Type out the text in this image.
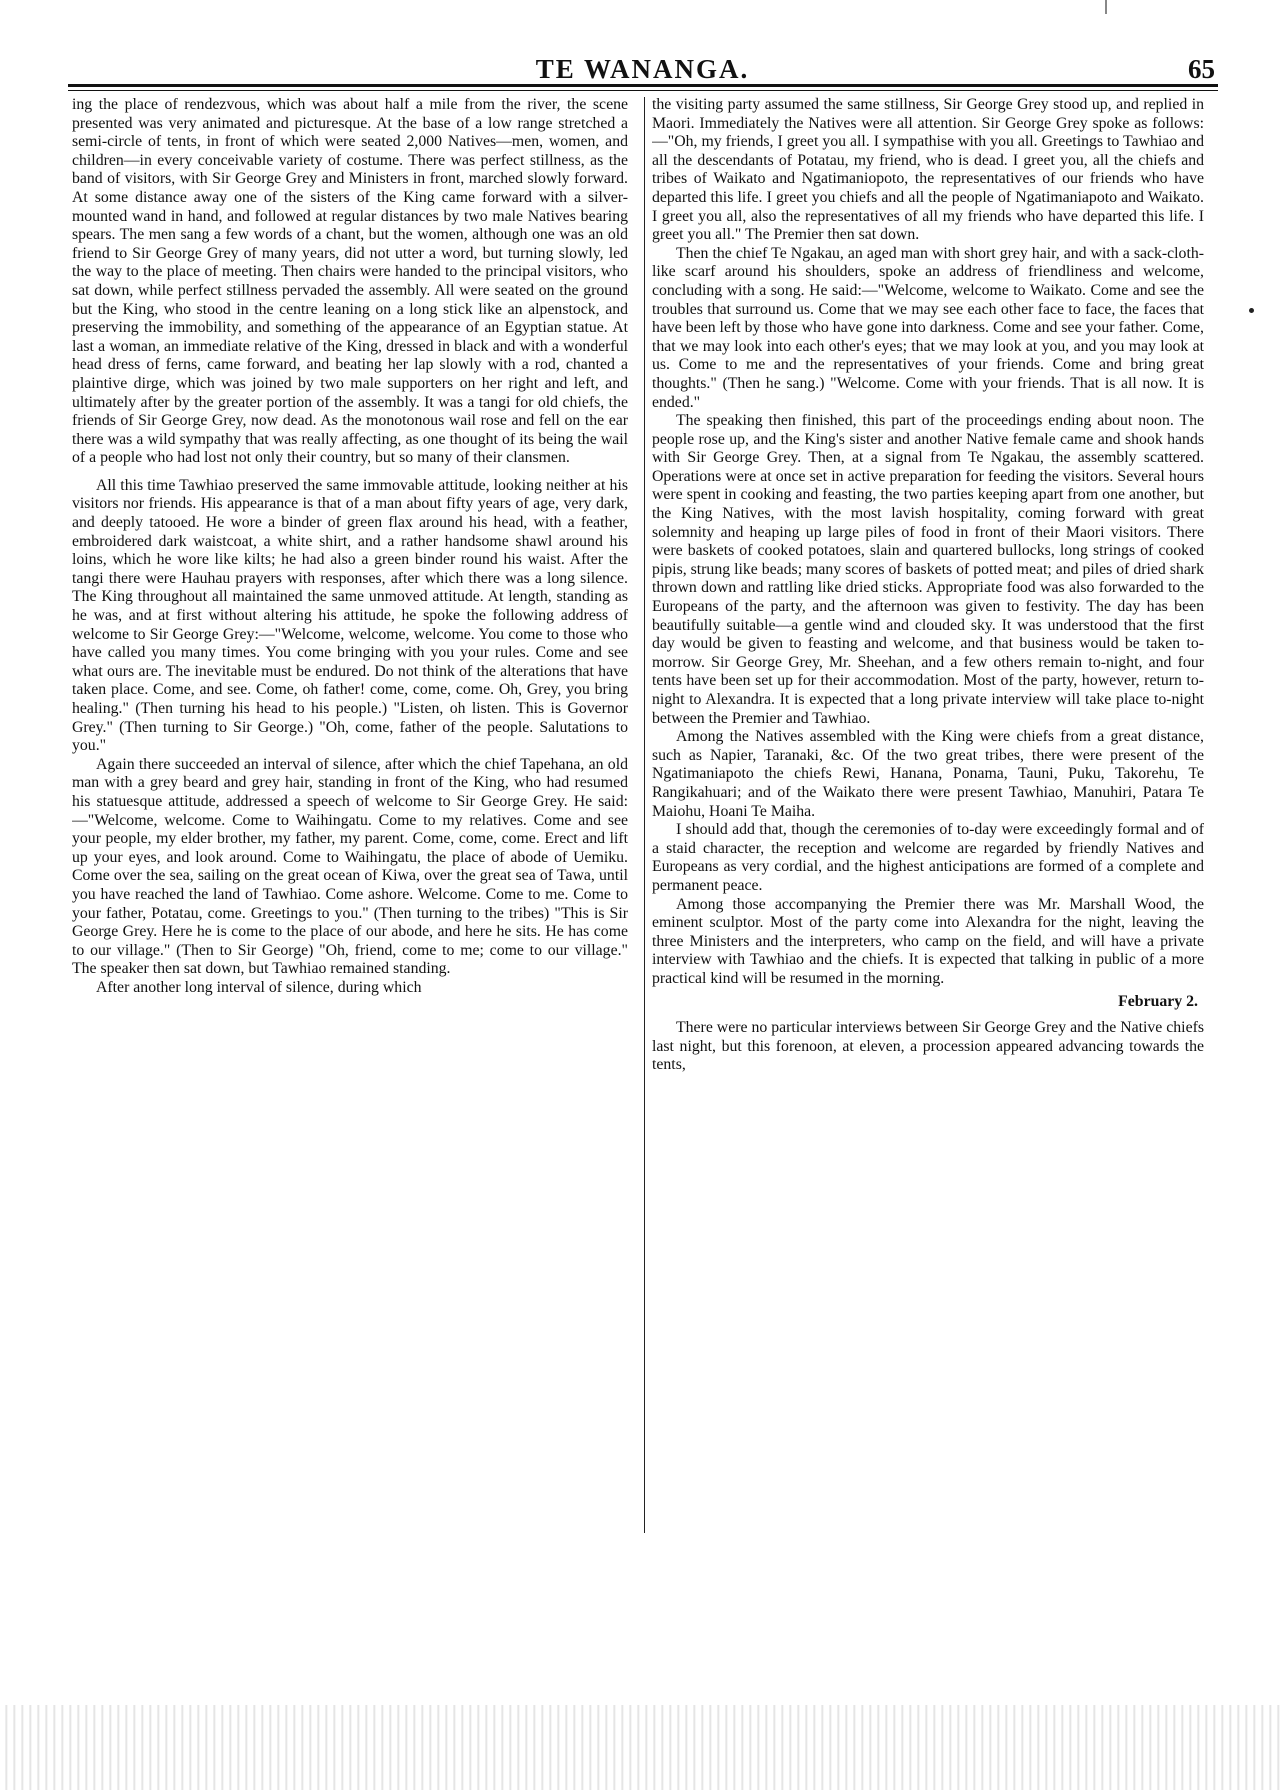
TE WANANGA.	65

ing the place of rendezvous, which was about half a mile from the river, the scene presented was very animated and picturesque. At the base of a low range stretched a semi-circle of tents, in front of which were seated 2,000 Natives—men, women, and children—in every conceivable variety of costume. There was perfect stillness, as the band of visitors, with Sir George Grey and Ministers in front, marched slowly forward. At some distance away one of the sisters of the King came forward with a silver-mounted wand in hand, and followed at regular distances by two male Natives bearing spears. The men sang a few words of a chant, but the women, although one was an old friend to Sir George Grey of many years, did not utter a word, but turning slowly, led the way to the place of meeting. Then chairs were handed to the principal visitors, who sat down, while perfect stillness pervaded the assembly. All were seated on the ground but the King, who stood in the centre leaning on a long stick like an alpenstock, and preserving the immobility, and something of the appearance of an Egyptian statue. At last a woman, an immediate relative of the King, dressed in black and with a wonderful head dress of ferns, came forward, and beating her lap slowly with a rod, chanted a plaintive dirge, which was joined by two male supporters on her right and left, and ultimately after by the greater portion of the assembly. It was a tangi for old chiefs, the friends of Sir George Grey, now dead. As the monotonous wail rose and fell on the ear there was a wild sympathy that was really affecting, as one thought of its being the wail of a people who had lost not only their country, but so many of their clansmen.

All this time Tawhiao preserved the same immovable attitude, looking neither at his visitors nor friends. His appearance is that of a man about fifty years of age, very dark, and deeply tatooed. He wore a binder of green flax around his head, with a feather, embroidered dark waistcoat, a white shirt, and a rather handsome shawl around his loins, which he wore like kilts; he had also a green binder round his waist. After the tangi there were Hauhau prayers with responses, after which there was a long silence. The King throughout all maintained the same unmoved attitude. At length, standing as he was, and at first without altering his attitude, he spoke the following address of welcome to Sir George Grey:—"Welcome, welcome, welcome. You come to those who have called you many times. You come bringing with you your rules. Come and see what ours are. The inevitable must be endured. Do not think of the alterations that have taken place. Come, and see. Come, oh father! come, come, come. Oh, Grey, you bring healing." (Then turning his head to his people.) "Listen, oh listen. This is Governor Grey." (Then turning to Sir George.) "Oh, come, father of the people. Salutations to you."

Again there succeeded an interval of silence, after which the chief Tapehana, an old man with a grey beard and grey hair, standing in front of the King, who had resumed his statuesque attitude, addressed a speech of welcome to Sir George Grey. He said:—"Welcome, welcome. Come to Waihingatu. Come to my relatives. Come and see your people, my elder brother, my father, my parent. Come, come, come. Erect and lift up your eyes, and look around. Come to Waihingatu, the place of abode of Uemiku. Come over the sea, sailing on the great ocean of Kiwa, over the great sea of Tawa, until you have reached the land of Tawhiao. Come ashore. Welcome. Come to me. Come to your father, Potatau, come. Greetings to you." (Then turning to the tribes) "This is Sir George Grey. Here he is come to the place of our abode, and here he sits. He has come to our village." (Then to Sir George) "Oh, friend, come to me; come to our village." The speaker then sat down, but Tawhiao remained standing.

After another long interval of silence, during which

the visiting party assumed the same stillness, Sir George Grey stood up, and replied in Maori. Immediately the Natives were all attention. Sir George Grey spoke as follows:—"Oh, my friends, I greet you all. I sympathise with you all. Greetings to Tawhiao and all the descendants of Potatau, my friend, who is dead. I greet you, all the chiefs and tribes of Waikato and Ngatimaniopoto, the representatives of our friends who have departed this life. I greet you chiefs and all the people of Ngatimaniapoto and Waikato. I greet you all, also the representatives of all my friends who have departed this life. I greet you all." The Premier then sat down.

Then the chief Te Ngakau, an aged man with short grey hair, and with a sack-cloth-like scarf around his shoulders, spoke an address of friendliness and welcome, concluding with a song. He said:—"Welcome, welcome to Waikato. Come and see the troubles that surround us. Come that we may see each other face to face, the faces that have been left by those who have gone into darkness. Come and see your father. Come, that we may look into each other's eyes; that we may look at you, and you may look at us. Come to me and the representatives of your friends. Come and bring great thoughts." (Then he sang.) "Welcome. Come with your friends. That is all now. It is ended."

The speaking then finished, this part of the proceedings ending about noon. The people rose up, and the King's sister and another Native female came and shook hands with Sir George Grey. Then, at a signal from Te Ngakau, the assembly scattered. Operations were at once set in active preparation for feeding the visitors. Several hours were spent in cooking and feasting, the two parties keeping apart from one another, but the King Natives, with the most lavish hospitality, coming forward with great solemnity and heaping up large piles of food in front of their Maori visitors. There were baskets of cooked potatoes, slain and quartered bullocks, long strings of cooked pipis, strung like beads; many scores of baskets of potted meat; and piles of dried shark thrown down and rattling like dried sticks. Appropriate food was also forwarded to the Europeans of the party, and the afternoon was given to festivity. The day has been beautifully suitable—a gentle wind and clouded sky. It was understood that the first day would be given to feasting and welcome, and that business would be taken to-morrow. Sir George Grey, Mr. Sheehan, and a few others remain to-night, and four tents have been set up for their accommodation. Most of the party, however, return to-night to Alexandra. It is expected that a long private interview will take place to-night between the Premier and Tawhiao.

Among the Natives assembled with the King were chiefs from a great distance, such as Napier, Taranaki, &c. Of the two great tribes, there were present of the Ngatimaniapoto the chiefs Rewi, Hanana, Ponama, Tauni, Puku, Takorehu, Te Rangikahuari; and of the Waikato there were present Tawhiao, Manuhiri, Patara Te Maiohu, Hoani Te Maiha.

I should add that, though the ceremonies of to-day were exceedingly formal and of a staid character, the reception and welcome are regarded by friendly Natives and Europeans as very cordial, and the highest anticipations are formed of a complete and permanent peace.

Among those accompanying the Premier there was Mr. Marshall Wood, the eminent sculptor. Most of the party come into Alexandra for the night, leaving the three Ministers and the interpreters, who camp on the field, and will have a private interview with Tawhiao and the chiefs. It is expected that talking in public of a more practical kind will be resumed in the morning.

February 2.

There were no particular interviews between Sir George Grey and the Native chiefs last night, but this forenoon, at eleven, a procession appeared advancing towards the tents,
